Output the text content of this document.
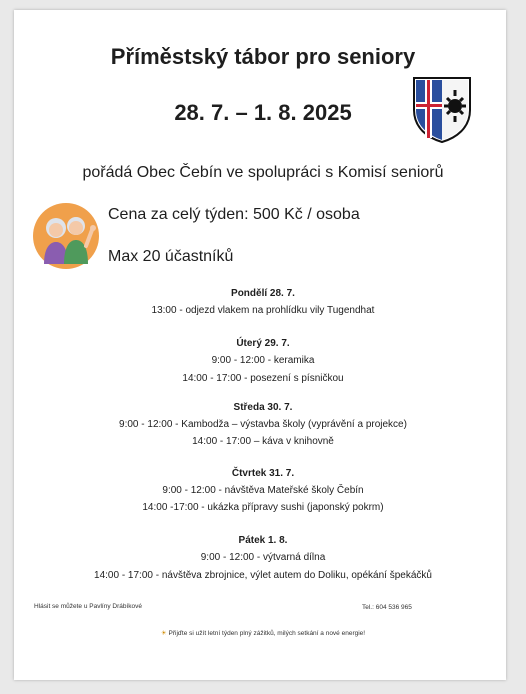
Příměstský tábor pro seniory
28. 7. – 1. 8. 2025

pořádá Obec Čebín ve spolupráci s Komisí seniorů

Cena za celý týden: 500 Kč / osoba

Max 20 účastníků

Pondělí 28. 7.

13:00 - odjezd vlakem na prohlídku vily Tugendhat

Úterý 29. 7.

9:00 - 12:00 - keramika

14:00 - 17:00 - posezení s písničkou

Středa 30. 7.

9:00 - 12:00 - Kambodža – výstavba školy (vyprávění a projekce)

14:00 - 17:00 – káva v knihovně

Čtvrtek 31. 7.

9:00 - 12:00 - návštěva Mateřské školy Čebín

14:00 -17:00 - ukázka přípravy sushi (japonský pokrm)

Pátek 1. 8.

9:00 - 12:00 - výtvarná dílna

14:00 - 17:00 - návštěva zbrojnice, výlet autem do Doliku, opékání špekáčků

Hlásit se můžete u Pavlíny Drábíkové	Tel.: 604 536 965

☀ Přijďte si užít letní týden plný zážitků, milých setkání a nové energie!
